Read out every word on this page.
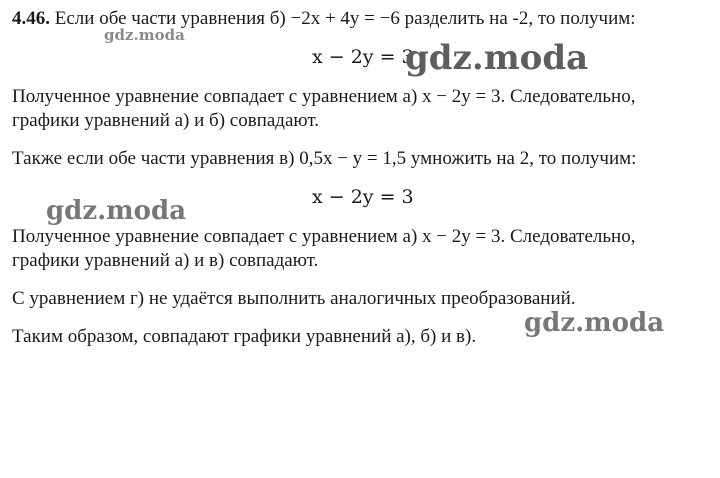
4.46. Если обе части уравнения б) −2x + 4y = −6 разделить на -2, то получим:
gdz.moda
x − 2y = 3
gdz.moda
Полученное уравнение совпадает с уравнением а) x − 2y = 3. Следовательно,
графики уравнений а) и б) совпадают.
Также если обе части уравнения в) 0,5x − y = 1,5 умножить на 2, то получим:
x − 2y = 3
gdz.moda
Полученное уравнение совпадает с уравнением а) x − 2y = 3. Следовательно,
графики уравнений а) и в) совпадают.
С уравнением г) не удаётся выполнить аналогичных преобразований.
Таким образом, совпадают графики уравнений а), б) и в). gdz.moda
